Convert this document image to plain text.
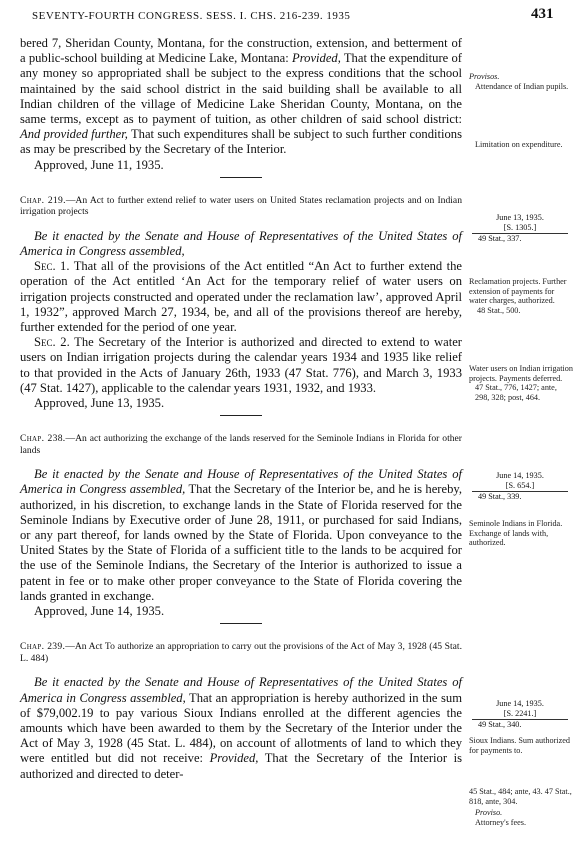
SEVENTY-FOURTH CONGRESS. SESS. I. CHS. 216-239. 1935	431

bered 7, Sheridan County, Montana, for the construction, extension, and betterment of a public-school building at Medicine Lake, Montana: Provided, That the expenditure of any money so appropriated shall be subject to the express conditions that the school maintained by the said school district in the said building shall be available to all Indian children of the village of Medicine Lake Sheridan County, Montana, on the same terms, except as to payment of tuition, as other children of said school district: And provided further, That such expenditures shall be subject to such further conditions as may be prescribed by the Secretary of the Interior.

Approved, June 11, 1935.

Chap. 219.—An Act to further extend relief to water users on United States reclamation projects and on Indian irrigation projects

Be it enacted by the Senate and House of Representatives of the United States of America in Congress assembled,

Sec. 1. That all of the provisions of the Act entitled “An Act to further extend the operation of the Act entitled ‘An Act for the temporary relief of water users on irrigation projects constructed and operated under the reclamation law’, approved April 1, 1932”, approved March 27, 1934, be, and all of the provisions thereof are hereby, further extended for the period of one year.

Sec. 2. The Secretary of the Interior is authorized and directed to extend to water users on Indian irrigation projects during the calendar years 1934 and 1935 like relief to that provided in the Acts of January 26th, 1933 (47 Stat. 776), and March 3, 1933 (47 Stat. 1427), applicable to the calendar years 1931, 1932, and 1933.

Approved, June 13, 1935.

Chap. 238.—An act authorizing the exchange of the lands reserved for the Seminole Indians in Florida for other lands

Be it enacted by the Senate and House of Representatives of the United States of America in Congress assembled, That the Secretary of the Interior be, and he is hereby, authorized, in his discretion, to exchange lands in the State of Florida reserved for the Seminole Indians by Executive order of June 28, 1911, or purchased for said Indians, or any part thereof, for lands owned by the State of Florida. Upon conveyance to the United States by the State of Florida of a sufficient title to the lands to be acquired for the use of the Seminole Indians, the Secretary of the Interior is authorized to issue a patent in fee or to make other proper conveyance to the State of Florida covering the lands granted in exchange.

Approved, June 14, 1935.

Chap. 239.—An Act To authorize an appropriation to carry out the provisions of the Act of May 3, 1928 (45 Stat. L. 484)

Be it enacted by the Senate and House of Representatives of the United States of America in Congress assembled, That an appropriation is hereby authorized in the sum of $79,002.19 to pay various Sioux Indians enrolled at the different agencies the amounts which have been awarded to them by the Secretary of the Interior under the Act of May 3, 1928 (45 Stat. L. 484), on account of allotments of land to which they were entitled but did not receive: Provided, That the Secretary of the Interior is authorized and directed to deter-

Provisos.
Attendance of Indian pupils.
Limitation on expenditure.
June 13, 1935.
[S. 1305.]
49 Stat., 337.
Reclamation projects. Further extension of payments for water charges, authorized.
48 Stat., 500.
Water users on Indian irrigation projects. Payments deferred.
47 Stat., 776, 1427; ante, 298, 328; post, 464.
June 14, 1935.
[S. 654.]
49 Stat., 339.
Seminole Indians in Florida. Exchange of lands with, authorized.
June 14, 1935.
[S. 2241.]
49 Stat., 340.
Sioux Indians. Sum authorized for payments to.
45 Stat., 484; ante, 43. 47 Stat., 818, ante, 304.
Proviso.
Attorney's fees.
